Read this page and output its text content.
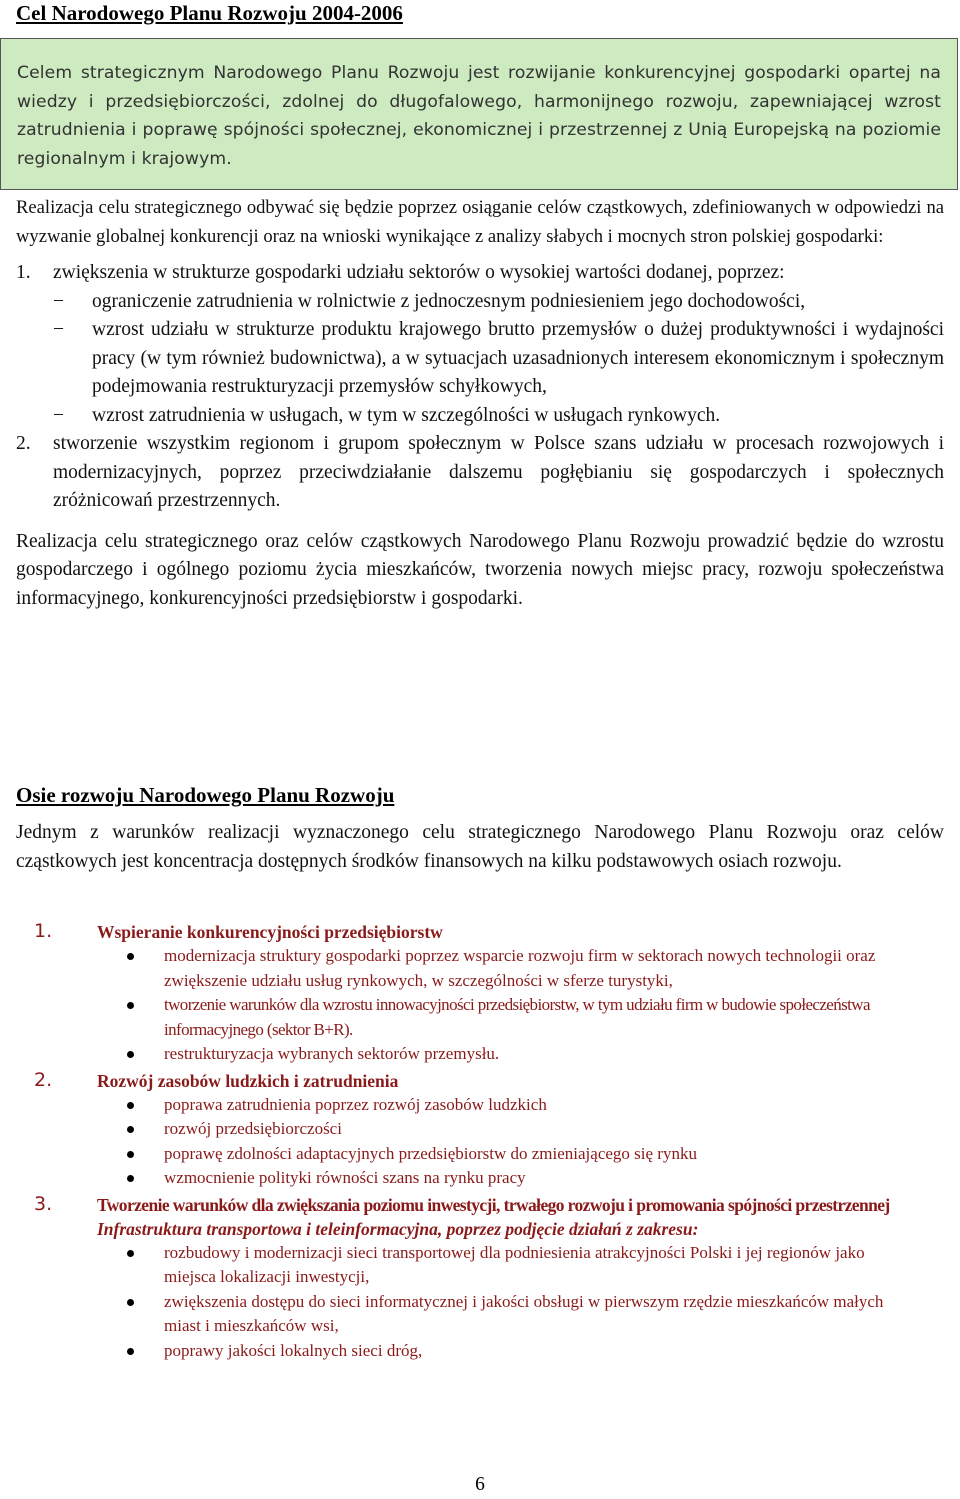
Cel Narodowego Planu Rozwoju 2004-2006

Celem strategicznym Narodowego Planu Rozwoju jest rozwijanie konkurencyjnej gospodarki opartej na wiedzy i przedsiębiorczości, zdolnej do długofalowego, harmonijnego rozwoju, zapewniającej wzrost zatrudnienia i poprawę spójności społecznej, ekonomicznej i przestrzennej z Unią Europejską na poziomie regionalnym i krajowym.

Realizacja celu strategicznego odbywać się będzie poprzez osiąganie celów cząstkowych, zdefiniowanych w odpowiedzi na wyzwanie globalnej konkurencji oraz na wnioski wynikające z analizy słabych i mocnych stron polskiej gospodarki:

1. zwiększenia w strukturze gospodarki udziału sektorów o wysokiej wartości dodanej, poprzez:

− ograniczenie zatrudnienia w rolnictwie z jednoczesnym podniesieniem jego dochodowości,

− wzrost udziału w strukturze produktu krajowego brutto przemysłów o dużej produktywności i wydajności pracy (w tym również budownictwa), a w sytuacjach uzasadnionych interesem ekonomicznym i społecznym podejmowania restrukturyzacji przemysłów schyłkowych,

− wzrost zatrudnienia w usługach, w tym w szczególności w usługach rynkowych.

2. stworzenie wszystkim regionom i grupom społecznym w Polsce szans udziału w procesach rozwojowych i modernizacyjnych, poprzez przeciwdziałanie dalszemu pogłębianiu się gospodarczych i społecznych zróżnicowań przestrzennych.

Realizacja celu strategicznego oraz celów cząstkowych Narodowego Planu Rozwoju prowadzić będzie do wzrostu gospodarczego i ogólnego poziomu życia mieszkańców, tworzenia nowych miejsc pracy, rozwoju społeczeństwa informacyjnego, konkurencyjności przedsiębiorstw i gospodarki.

Osie rozwoju Narodowego Planu Rozwoju

Jednym z warunków realizacji wyznaczonego celu strategicznego Narodowego Planu Rozwoju oraz celów cząstkowych jest koncentracja dostępnych środków finansowych na kilku podstawowych osiach rozwoju.

1.	Wspieranie konkurencyjności przedsiębiorstw
modernizacja struktury gospodarki poprzez wsparcie rozwoju firm w sektorach nowych technologii oraz zwiększenie udziału usług rynkowych, w szczególności w sferze turystyki,
tworzenie warunków dla wzrostu innowacyjności przedsiębiorstw, w tym udziału firm w budowie społeczeństwa informacyjnego (sektor B+R).
restrukturyzacja wybranych sektorów przemysłu.
2.	Rozwój zasobów ludzkich i zatrudnienia
poprawa zatrudnienia poprzez rozwój zasobów ludzkich
rozwój przedsiębiorczości
poprawę zdolności adaptacyjnych przedsiębiorstw do zmieniającego się rynku
wzmocnienie polityki równości szans na rynku pracy
3.	Tworzenie warunków dla zwiększania poziomu inwestycji, trwałego rozwoju i promowania spójności przestrzennej
Infrastruktura transportowa i teleinformacyjna, poprzez podjęcie działań z zakresu:
rozbudowy i modernizacji sieci transportowej dla podniesienia atrakcyjności Polski i jej regionów jako miejsca lokalizacji inwestycji,
zwiększenia dostępu do sieci informatycznej i jakości obsługi w pierwszym rzędzie mieszkańców małych miast i mieszkańców wsi,
poprawy jakości lokalnych sieci dróg,
6
